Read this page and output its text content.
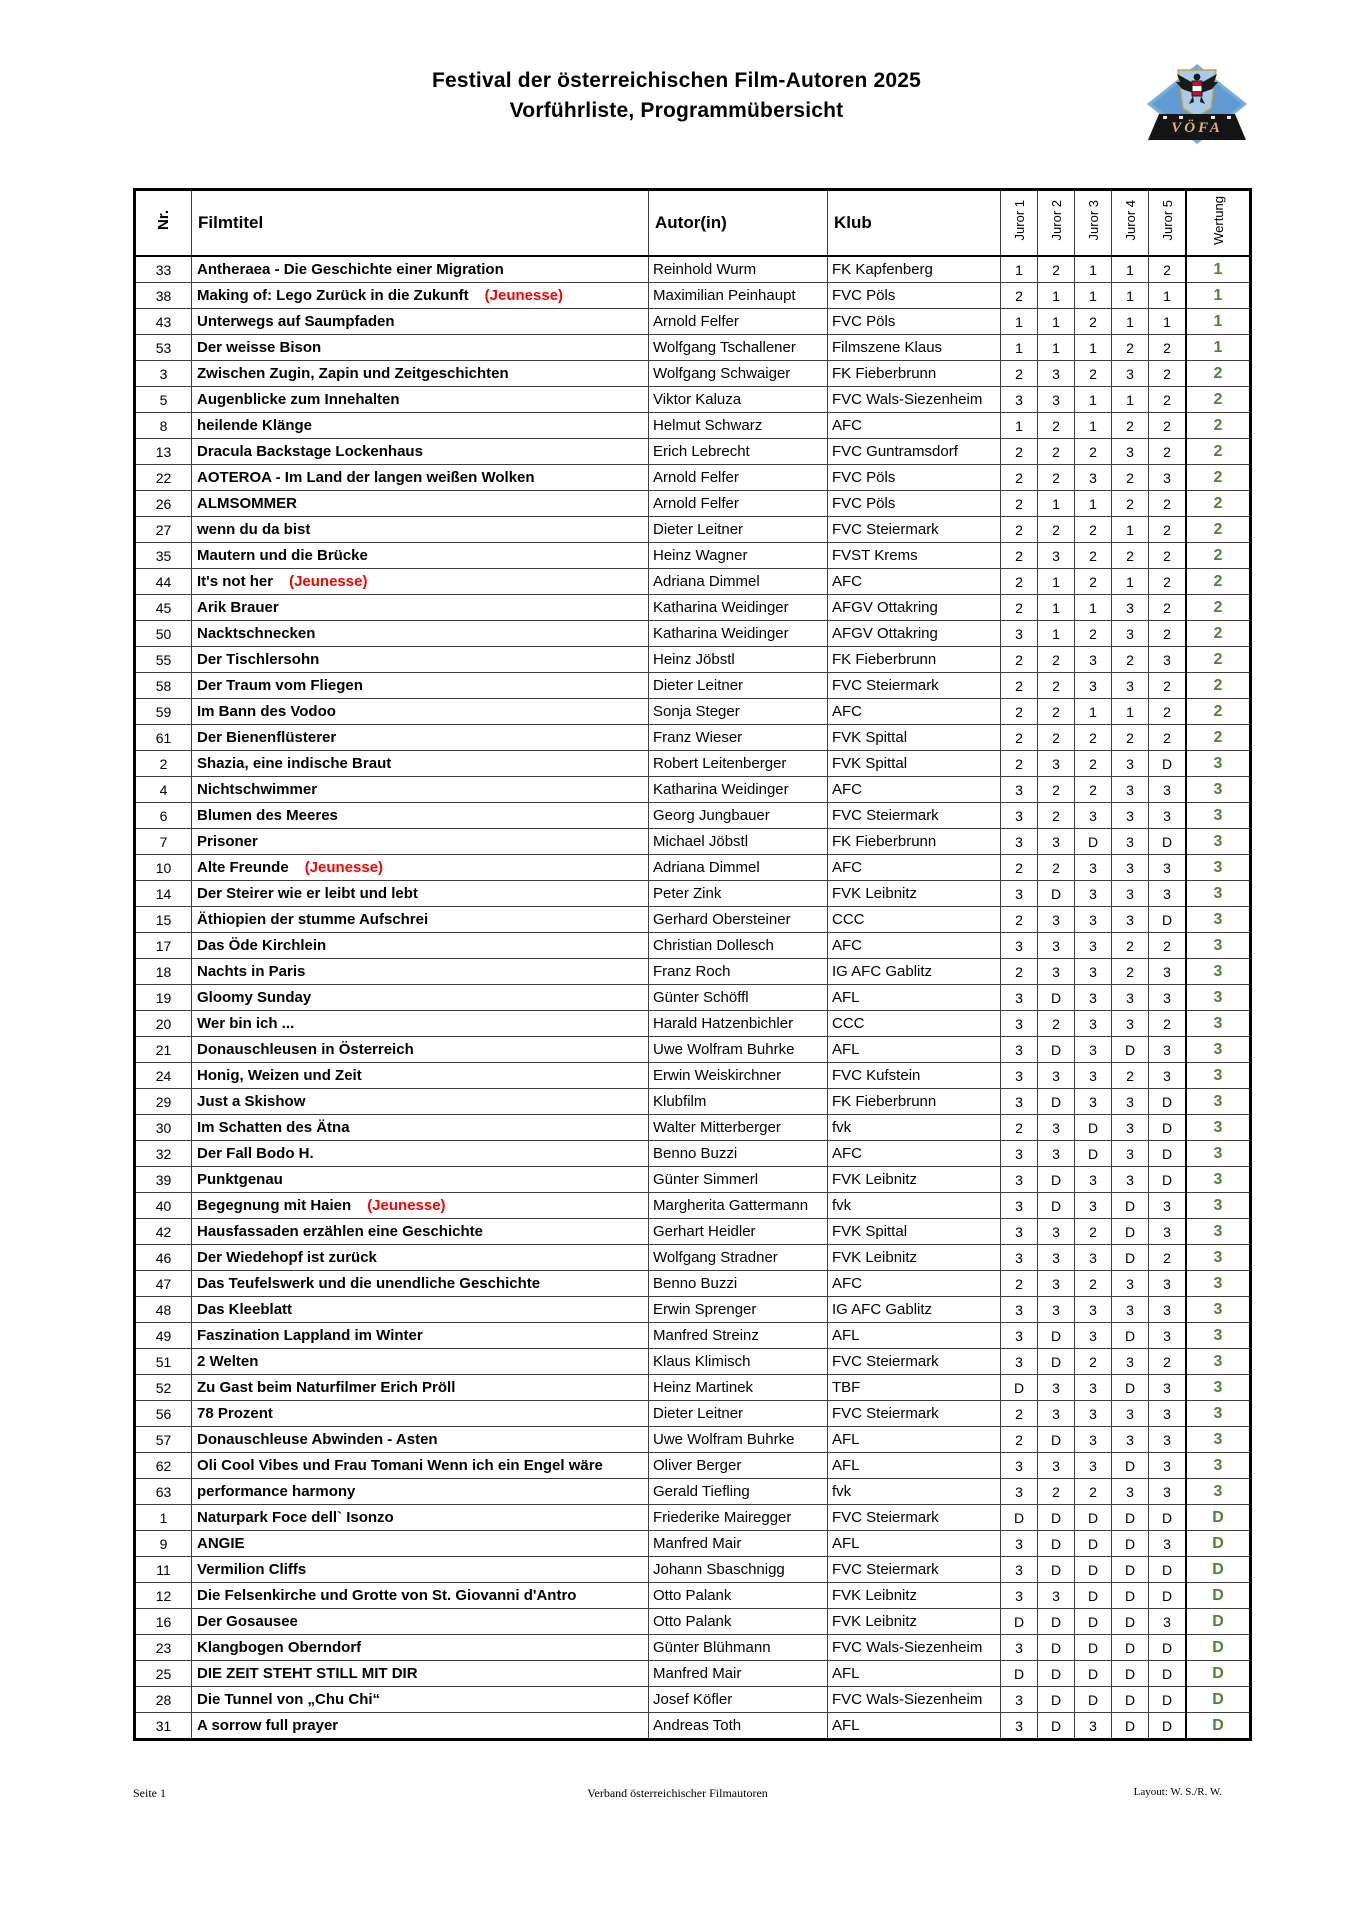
Festival der österreichischen Film-Autoren 2025
Vorführliste, Programmübersicht
VÖFA
Nr.	Filmtitel	Autor(in)	Klub	Juror 1	Juror 2	Juror 3	Juror 4	Juror 5	Wertung
33	Antheraea - Die Geschichte einer Migration	Reinhold Wurm	FK Kapfenberg	1	2	1	1	2	1
38	Making of: Lego Zurück in die Zukunft (Jeunesse)	Maximilian Peinhaupt	FVC Pöls	2	1	1	1	1	1
43	Unterwegs auf Saumpfaden	Arnold Felfer	FVC Pöls	1	1	2	1	1	1
53	Der weisse Bison	Wolfgang Tschallener	Filmszene Klaus	1	1	1	2	2	1
3	Zwischen Zugin, Zapin und Zeitgeschichten	Wolfgang Schwaiger	FK Fieberbrunn	2	3	2	3	2	2
5	Augenblicke zum Innehalten	Viktor Kaluza	FVC Wals-Siezenheim	3	3	1	1	2	2
8	heilende Klänge	Helmut Schwarz	AFC	1	2	1	2	2	2
13	Dracula Backstage Lockenhaus	Erich Lebrecht	FVC Guntramsdorf	2	2	2	3	2	2
22	AOTEROA - Im Land der langen weißen Wolken	Arnold Felfer	FVC Pöls	2	2	3	2	3	2
26	ALMSOMMER	Arnold Felfer	FVC Pöls	2	1	1	2	2	2
27	wenn du da bist	Dieter Leitner	FVC Steiermark	2	2	2	1	2	2
35	Mautern und die Brücke	Heinz Wagner	FVST Krems	2	3	2	2	2	2
44	It's not her (Jeunesse)	Adriana Dimmel	AFC	2	1	2	1	2	2
45	Arik Brauer	Katharina Weidinger	AFGV Ottakring	2	1	1	3	2	2
50	Nacktschnecken	Katharina Weidinger	AFGV Ottakring	3	1	2	3	2	2
55	Der Tischlersohn	Heinz Jöbstl	FK Fieberbrunn	2	2	3	2	3	2
58	Der Traum vom Fliegen	Dieter Leitner	FVC Steiermark	2	2	3	3	2	2
59	Im Bann des Vodoo	Sonja Steger	AFC	2	2	1	1	2	2
61	Der Bienenflüsterer	Franz Wieser	FVK Spittal	2	2	2	2	2	2
2	Shazia, eine indische Braut	Robert Leitenberger	FVK Spittal	2	3	2	3	D	3
4	Nichtschwimmer	Katharina Weidinger	AFC	3	2	2	3	3	3
6	Blumen des Meeres	Georg Jungbauer	FVC Steiermark	3	2	3	3	3	3
7	Prisoner	Michael Jöbstl	FK Fieberbrunn	3	3	D	3	D	3
10	Alte Freunde (Jeunesse)	Adriana Dimmel	AFC	2	2	3	3	3	3
14	Der Steirer wie er leibt und lebt	Peter Zink	FVK Leibnitz	3	D	3	3	3	3
15	Äthiopien der stumme Aufschrei	Gerhard Obersteiner	CCC	2	3	3	3	D	3
17	Das Öde Kirchlein	Christian Dollesch	AFC	3	3	3	2	2	3
18	Nachts in Paris	Franz Roch	IG AFC Gablitz	2	3	3	2	3	3
19	Gloomy Sunday	Günter Schöffl	AFL	3	D	3	3	3	3
20	Wer bin ich ...	Harald Hatzenbichler	CCC	3	2	3	3	2	3
21	Donauschleusen in Österreich	Uwe Wolfram Buhrke	AFL	3	D	3	D	3	3
24	Honig, Weizen und Zeit	Erwin Weiskirchner	FVC Kufstein	3	3	3	2	3	3
29	Just a Skishow	Klubfilm	FK Fieberbrunn	3	D	3	3	D	3
30	Im Schatten des Ätna	Walter Mitterberger	fvk	2	3	D	3	D	3
32	Der Fall Bodo H.	Benno Buzzi	AFC	3	3	D	3	D	3
39	Punktgenau	Günter Simmerl	FVK Leibnitz	3	D	3	3	D	3
40	Begegnung mit Haien (Jeunesse)	Margherita Gattermann	fvk	3	D	3	D	3	3
42	Hausfassaden erzählen eine Geschichte	Gerhart Heidler	FVK Spittal	3	3	2	D	3	3
46	Der Wiedehopf ist zurück	Wolfgang Stradner	FVK Leibnitz	3	3	3	D	2	3
47	Das Teufelswerk und die unendliche Geschichte	Benno Buzzi	AFC	2	3	2	3	3	3
48	Das Kleeblatt	Erwin Sprenger	IG AFC Gablitz	3	3	3	3	3	3
49	Faszination Lappland im Winter	Manfred Streinz	AFL	3	D	3	D	3	3
51	2 Welten	Klaus Klimisch	FVC Steiermark	3	D	2	3	2	3
52	Zu Gast beim Naturfilmer Erich Pröll	Heinz Martinek	TBF	D	3	3	D	3	3
56	78 Prozent	Dieter Leitner	FVC Steiermark	2	3	3	3	3	3
57	Donauschleuse Abwinden - Asten	Uwe Wolfram Buhrke	AFL	2	D	3	3	3	3
62	Oli Cool Vibes und Frau Tomani Wenn ich ein Engel wäre	Oliver Berger	AFL	3	3	3	D	3	3
63	performance harmony	Gerald Tiefling	fvk	3	2	2	3	3	3
1	Naturpark Foce dell` Isonzo	Friederike Mairegger	FVC Steiermark	D	D	D	D	D	D
9	ANGIE	Manfred Mair	AFL	3	D	D	D	3	D
11	Vermilion Cliffs	Johann Sbaschnigg	FVC Steiermark	3	D	D	D	D	D
12	Die Felsenkirche und Grotte von St. Giovanni d'Antro	Otto Palank	FVK Leibnitz	3	3	D	D	D	D
16	Der Gosausee	Otto Palank	FVK Leibnitz	D	D	D	D	3	D
23	Klangbogen Oberndorf	Günter Blühmann	FVC Wals-Siezenheim	3	D	D	D	D	D
25	DIE ZEIT STEHT STILL MIT DIR	Manfred Mair	AFL	D	D	D	D	D	D
28	Die Tunnel von „Chu Chi“	Josef Köfler	FVC Wals-Siezenheim	3	D	D	D	D	D
31	A sorrow full prayer	Andreas Toth	AFL	3	D	3	D	D	D
Verband österreichischer Filmautoren
Seite 1	Layout: W. S./R. W.
